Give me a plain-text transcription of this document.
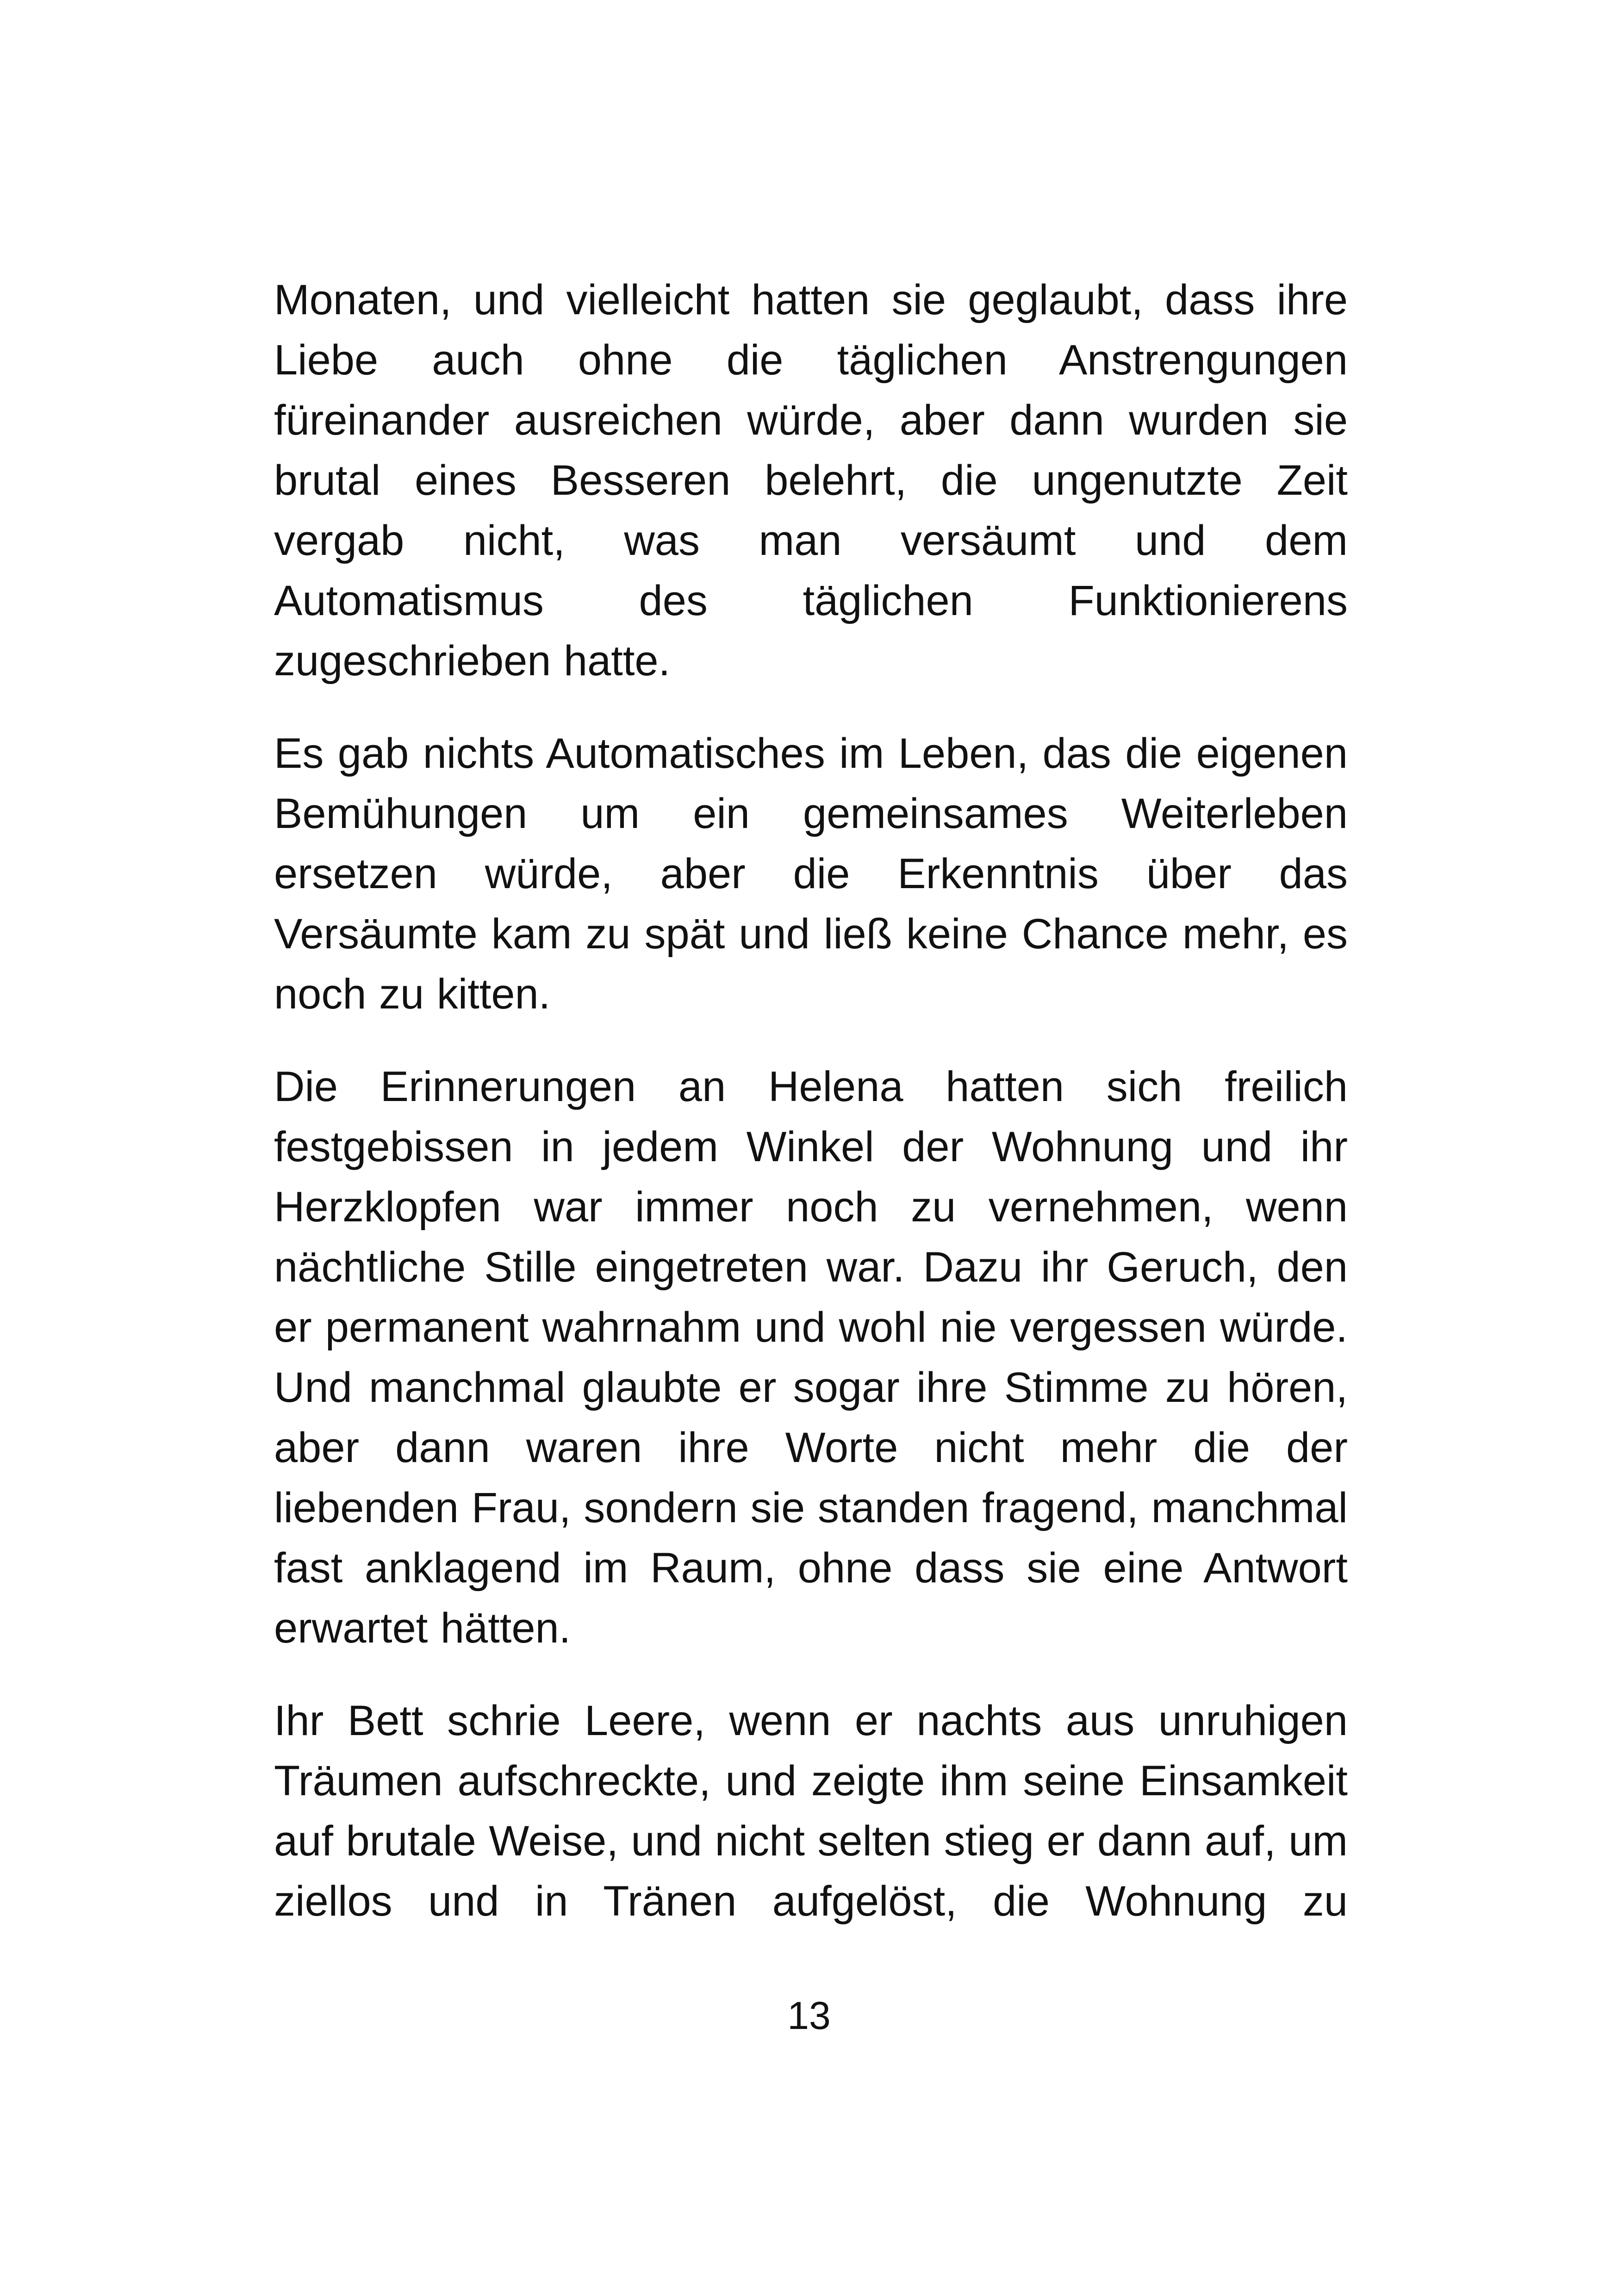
Monaten, und vielleicht hatten sie geglaubt, dass ihre Liebe auch ohne die täglichen Anstrengungen füreinander ausreichen würde, aber dann wurden sie brutal eines Besseren belehrt, die ungenutzte Zeit vergab nicht, was man versäumt und dem Automatismus des täglichen Funktionierens zugeschrieben hatte.

Es gab nichts Automatisches im Leben, das die eigenen Bemühungen um ein gemeinsames Weiterleben ersetzen würde, aber die Erkenntnis über das Versäumte kam zu spät und ließ keine Chance mehr, es noch zu kitten.

Die Erinnerungen an Helena hatten sich freilich festgebissen in jedem Winkel der Wohnung und ihr Herzklopfen war immer noch zu vernehmen, wenn nächtliche Stille eingetreten war. Dazu ihr Geruch, den er permanent wahrnahm und wohl nie vergessen würde. Und manchmal glaubte er sogar ihre Stimme zu hören, aber dann waren ihre Worte nicht mehr die der liebenden Frau, sondern sie standen fragend, manchmal fast anklagend im Raum, ohne dass sie eine Antwort erwartet hätten.

Ihr Bett schrie Leere, wenn er nachts aus unruhigen Träumen aufschreckte, und zeigte ihm seine Einsamkeit auf brutale Weise, und nicht selten stieg er dann auf, um ziellos und in Tränen aufgelöst, die Wohnung zu

13
